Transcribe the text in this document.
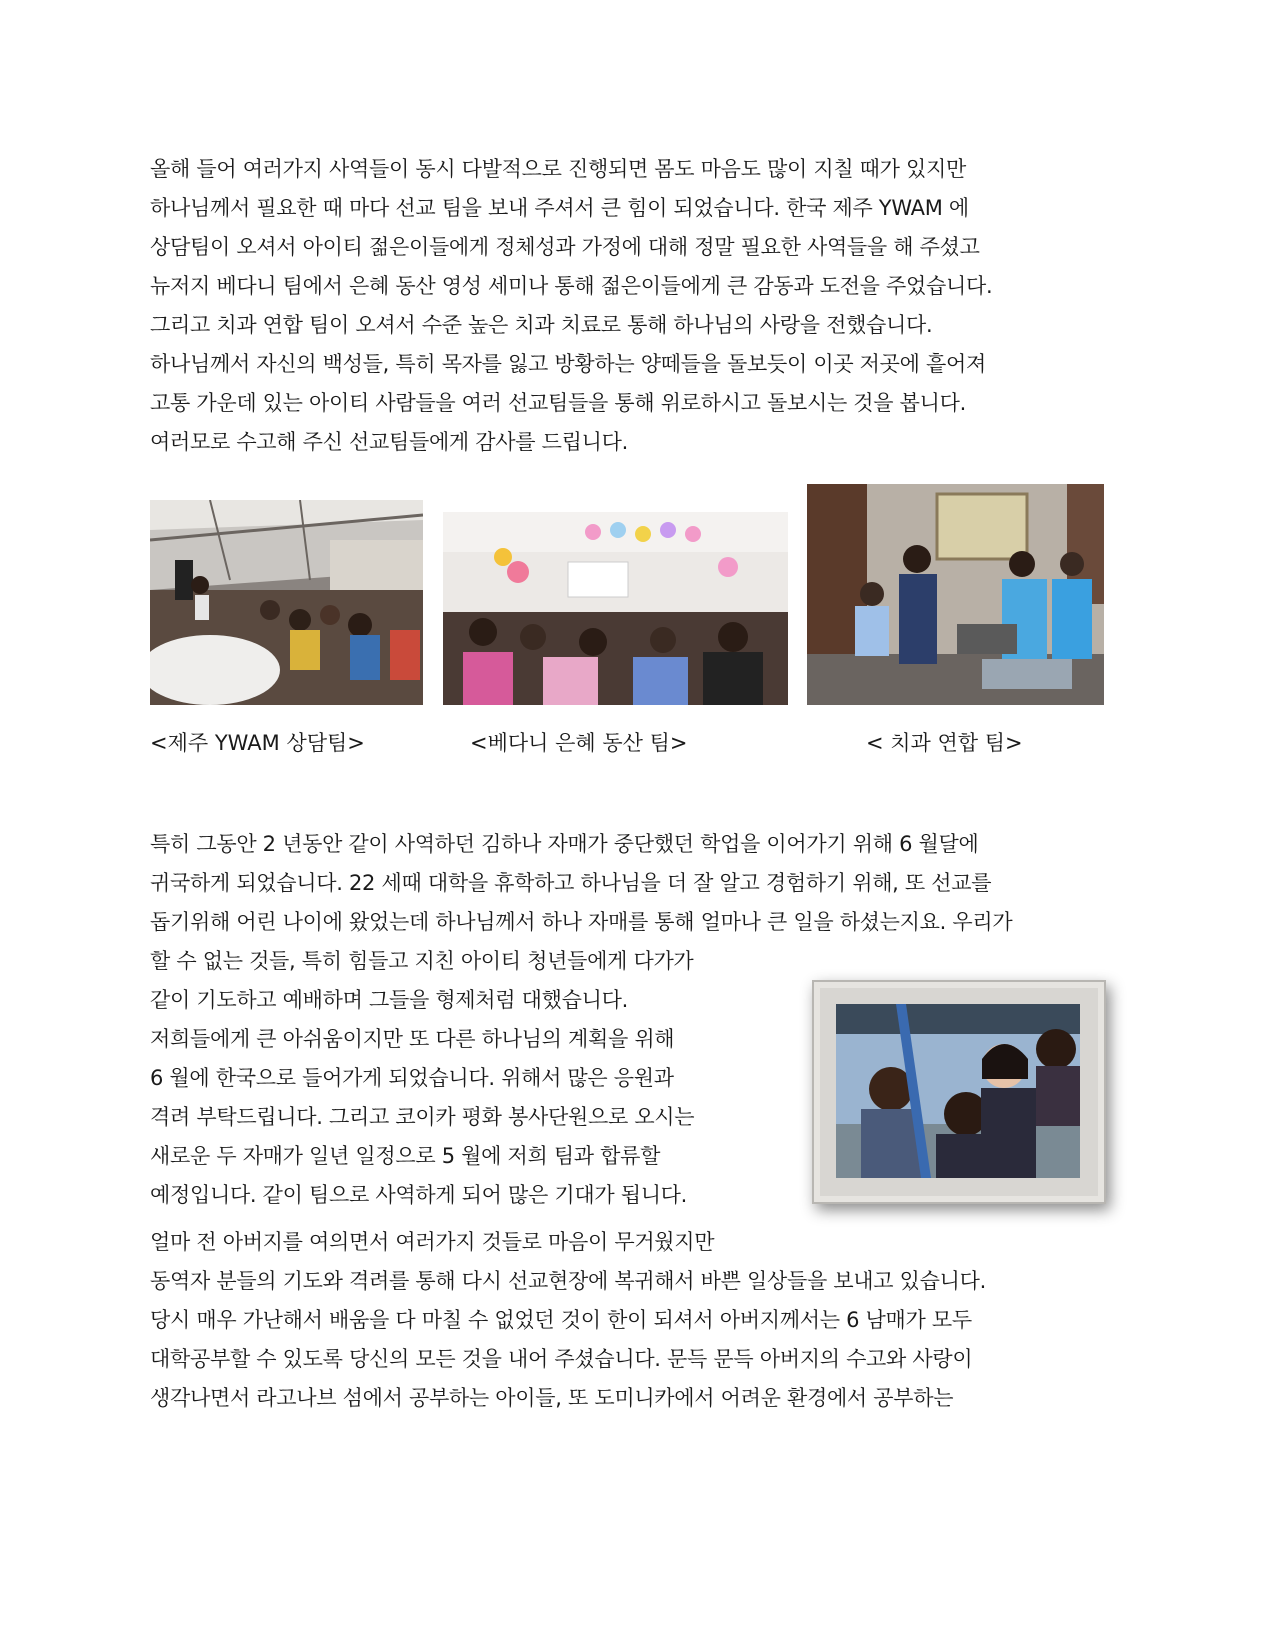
올해 들어 여러가지 사역들이 동시 다발적으로 진행되면 몸도 마음도 많이 지칠 때가 있지만
하나님께서 필요한 때 마다 선교 팀을 보내 주셔서 큰 힘이 되었습니다. 한국 제주 YWAM 에
상담팀이 오셔서 아이티 젊은이들에게 정체성과 가정에 대해 정말 필요한 사역들을 해 주셨고
뉴저지 베다니 팀에서 은혜 동산 영성 세미나 통해 젊은이들에게 큰 감동과 도전을 주었습니다.
그리고 치과 연합 팀이 오셔서 수준 높은 치과 치료로 통해 하나님의 사랑을 전했습니다.
하나님께서 자신의 백성들, 특히 목자를 잃고 방황하는 양떼들을 돌보듯이 이곳 저곳에 흩어져
고통 가운데 있는 아이티 사람들을 여러 선교팀들을 통해 위로하시고 돌보시는 것을 봅니다.
여러모로 수고해 주신 선교팀들에게 감사를 드립니다.
<제주 YWAM 상담팀>	<베다니 은혜 동산 팀>	< 치과 연합 팀>
특히 그동안 2 년동안 같이 사역하던 김하나 자매가 중단했던 학업을 이어가기 위해 6 월달에
귀국하게 되었습니다. 22 세때 대학을 휴학하고 하나님을 더 잘 알고 경험하기 위해, 또 선교를
돕기위해 어린 나이에 왔었는데 하나님께서 하나 자매를 통해 얼마나 큰 일을 하셨는지요. 우리가
할 수 없는 것들, 특히 힘들고 지친 아이티 청년들에게 다가가
같이 기도하고 예배하며 그들을 형제처럼 대했습니다.
저희들에게 큰 아쉬움이지만 또 다른 하나님의 계획을 위해
6 월에 한국으로 들어가게 되었습니다. 위해서 많은 응원과
격려 부탁드립니다. 그리고 코이카 평화 봉사단원으로 오시는
새로운 두 자매가 일년 일정으로 5 월에 저희 팀과 합류할
예정입니다. 같이 팀으로 사역하게 되어 많은 기대가 됩니다.
얼마 전 아버지를 여의면서 여러가지 것들로 마음이 무거웠지만
동역자 분들의 기도와 격려를 통해 다시 선교현장에 복귀해서 바쁜 일상들을 보내고 있습니다.
당시 매우 가난해서 배움을 다 마칠 수 없었던 것이 한이 되셔서 아버지께서는 6 남매가 모두
대학공부할 수 있도록 당신의 모든 것을 내어 주셨습니다. 문득 문득 아버지의 수고와 사랑이
생각나면서 라고나브 섬에서 공부하는 아이들, 또 도미니카에서 어려운 환경에서 공부하는
